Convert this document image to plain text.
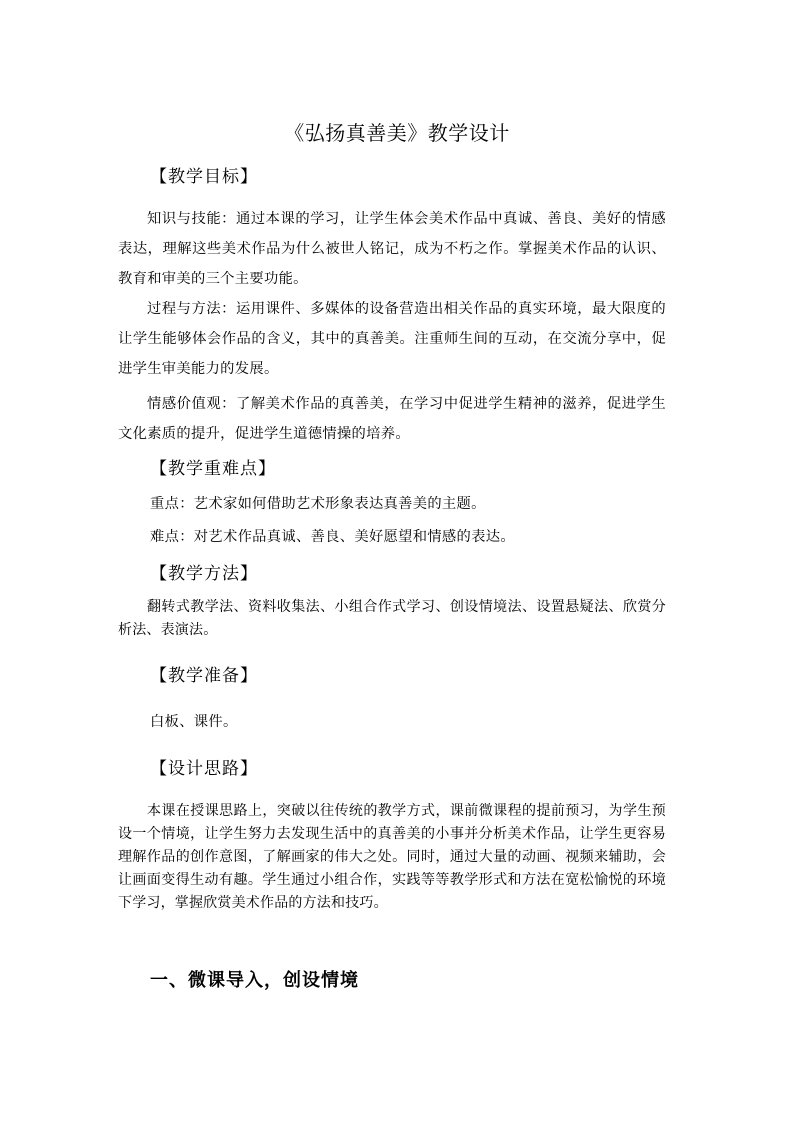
《弘扬真善美》教学设计
【教学目标】

知识与技能：通过本课的学习，让学生体会美术作品中真诚、善良、美好的情感表达，理解这些美术作品为什么被世人铭记，成为不朽之作。掌握美术作品的认识、教育和审美的三个主要功能。

过程与方法：运用课件、多媒体的设备营造出相关作品的真实环境，最大限度的让学生能够体会作品的含义，其中的真善美。注重师生间的互动，在交流分享中，促进学生审美能力的发展。

情感价值观：了解美术作品的真善美，在学习中促进学生精神的滋养，促进学生文化素质的提升，促进学生道德情操的培养。

【教学重难点】
重点：艺术家如何借助艺术形象表达真善美的主题。
难点：对艺术作品真诚、善良、美好愿望和情感的表达。
【教学方法】

翻转式教学法、资料收集法、小组合作式学习、创设情境法、设置悬疑法、欣赏分析法、表演法。

【教学准备】
白板、课件。
【设计思路】

本课在授课思路上，突破以往传统的教学方式，课前微课程的提前预习，为学生预设一个情境，让学生努力去发现生活中的真善美的小事并分析美术作品，让学生更容易理解作品的创作意图，了解画家的伟大之处。同时，通过大量的动画、视频来辅助，会让画面变得生动有趣。学生通过小组合作，实践等等教学形式和方法在宽松愉悦的环境下学习，掌握欣赏美术作品的方法和技巧。

一、微课导入，创设情境
